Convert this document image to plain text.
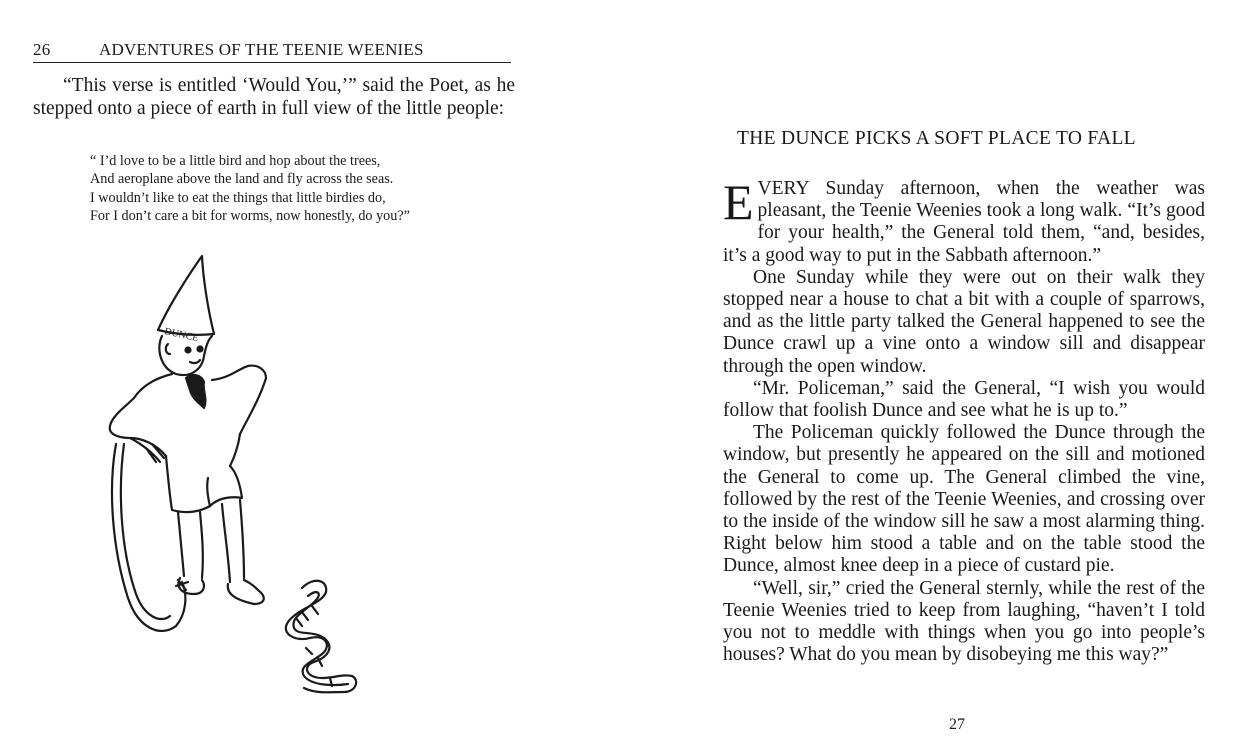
26	ADVENTURES OF THE TEENIE WEENIES

“This verse is entitled ‘Would You,’” said the Poet, as he stepped onto a piece of earth in full view of the little people:

“ I’d love to be a little bird and hop about the trees,
And aeroplane above the land and fly across the seas.
I wouldn’t like to eat the things that little birdies do,
For I don’t care a bit for worms, now honestly, do you?”
DUNCE
THE DUNCE PICKS A SOFT PLACE TO FALL

EVERY Sunday afternoon, when the weather was pleasant, the Teenie Weenies took a long walk. “It’s good for your health,” the General told them, “and, besides, it’s a good way to put in the Sabbath afternoon.”

One Sunday while they were out on their walk they stopped near a house to chat a bit with a couple of sparrows, and as the little party talked the General happened to see the Dunce crawl up a vine onto a window sill and disappear through the open window.

“Mr. Policeman,” said the General, “I wish you would follow that foolish Dunce and see what he is up to.”

The Policeman quickly followed the Dunce through the window, but presently he appeared on the sill and motioned the General to come up. The General climbed the vine, followed by the rest of the Teenie Weenies, and crossing over to the inside of the window sill he saw a most alarming thing. Right below him stood a table and on the table stood the Dunce, almost knee deep in a piece of custard pie.

“Well, sir,” cried the General sternly, while the rest of the Teenie Weenies tried to keep from laughing, “haven’t I told you not to meddle with things when you go into people’s houses? What do you mean by disobeying me this way?”

27
